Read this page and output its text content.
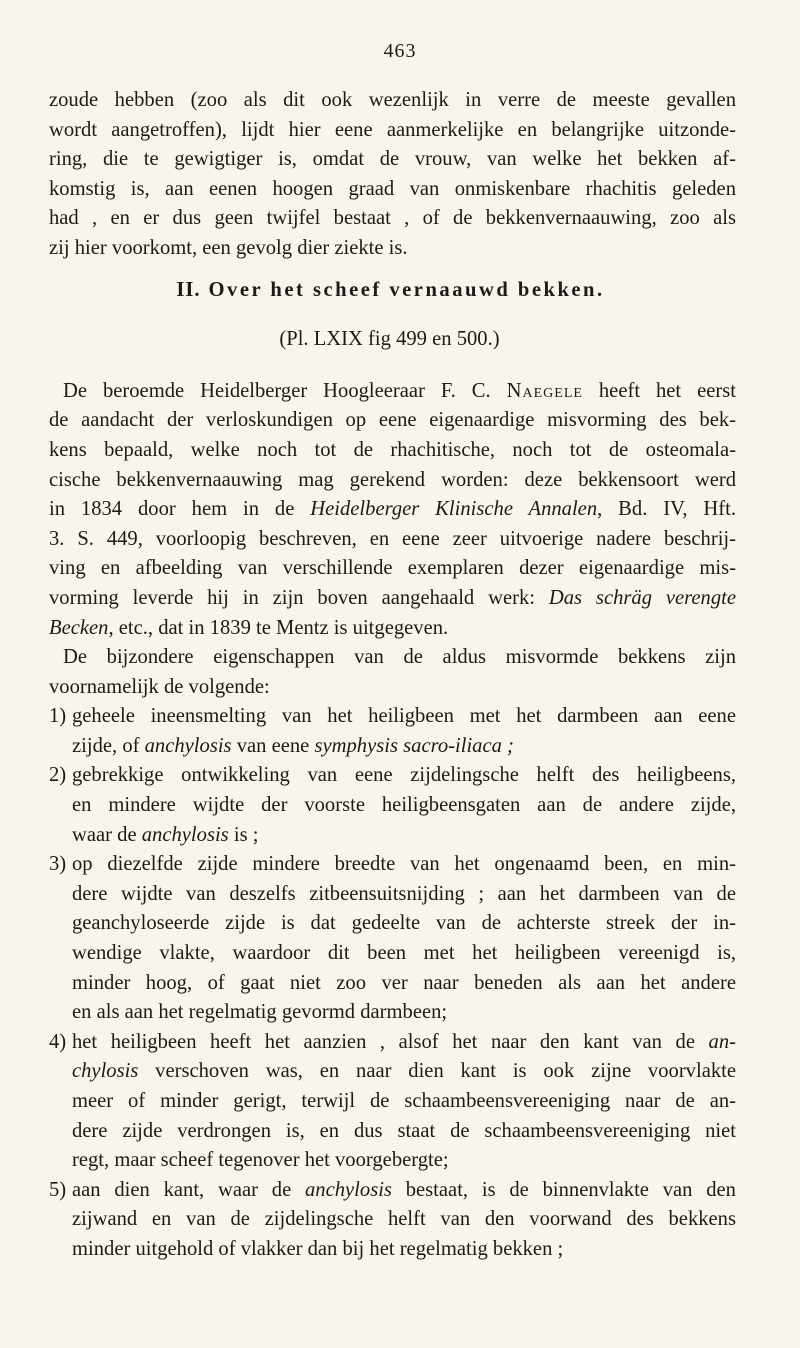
463
zoude hebben (zoo als dit ook wezenlijk in verre de meeste gevallen
wordt aangetroffen), lijdt hier eene aanmerkelijke en belangrijke uitzonde-
ring, die te gewigtiger is, omdat de vrouw, van welke het bekken af-
komstig is, aan eenen hoogen graad van onmiskenbare rhachitis geleden
had , en er dus geen twijfel bestaat , of de bekkenvernaauwing, zoo als
zij hier voorkomt, een gevolg dier ziekte is.
II. Over het scheef vernaauwd bekken.
(Pl. LXIX fig 499 en 500.)
De beroemde Heidelberger Hoogleeraar F. C. Naegele heeft het eerst
de aandacht der verloskundigen op eene eigenaardige misvorming des bek-
kens bepaald, welke noch tot de rhachitische, noch tot de osteomala-
cische bekkenvernaauwing mag gerekend worden: deze bekkensoort werd
in 1834 door hem in de Heidelberger Klinische Annalen, Bd. IV, Hft.
3. S. 449, voorloopig beschreven, en eene zeer uitvoerige nadere beschrij-
ving en afbeelding van verschillende exemplaren dezer eigenaardige mis-
vorming leverde hij in zijn boven aangehaald werk: Das schräg verengte
Becken, etc., dat in 1839 te Mentz is uitgegeven.
De bijzondere eigenschappen van de aldus misvormde bekkens zijn
voornamelijk de volgende:
1) geheele ineensmelting van het heiligbeen met het darmbeen aan eene
zijde, of anchylosis van eene symphysis sacro-iliaca ;
2) gebrekkige ontwikkeling van eene zijdelingsche helft des heiligbeens,
en mindere wijdte der voorste heiligbeensgaten aan de andere zijde,
waar de anchylosis is ;
3) op diezelfde zijde mindere breedte van het ongenaamd been, en min-
dere wijdte van deszelfs zitbeensuitsnijding ; aan het darmbeen van de
geanchyloseerde zijde is dat gedeelte van de achterste streek der in-
wendige vlakte, waardoor dit been met het heiligbeen vereenigd is,
minder hoog, of gaat niet zoo ver naar beneden als aan het andere
en als aan het regelmatig gevormd darmbeen;
4) het heiligbeen heeft het aanzien , alsof het naar den kant van de an-
chylosis verschoven was, en naar dien kant is ook zijne voorvlakte
meer of minder gerigt, terwijl de schaambeensvereeniging naar de an-
dere zijde verdrongen is, en dus staat de schaambeensvereeniging niet
regt, maar scheef tegenover het voorgebergte;
5) aan dien kant, waar de anchylosis bestaat, is de binnenvlakte van den
zijwand en van de zijdelingsche helft van den voorwand des bekkens
minder uitgehold of vlakker dan bij het regelmatig bekken ;
